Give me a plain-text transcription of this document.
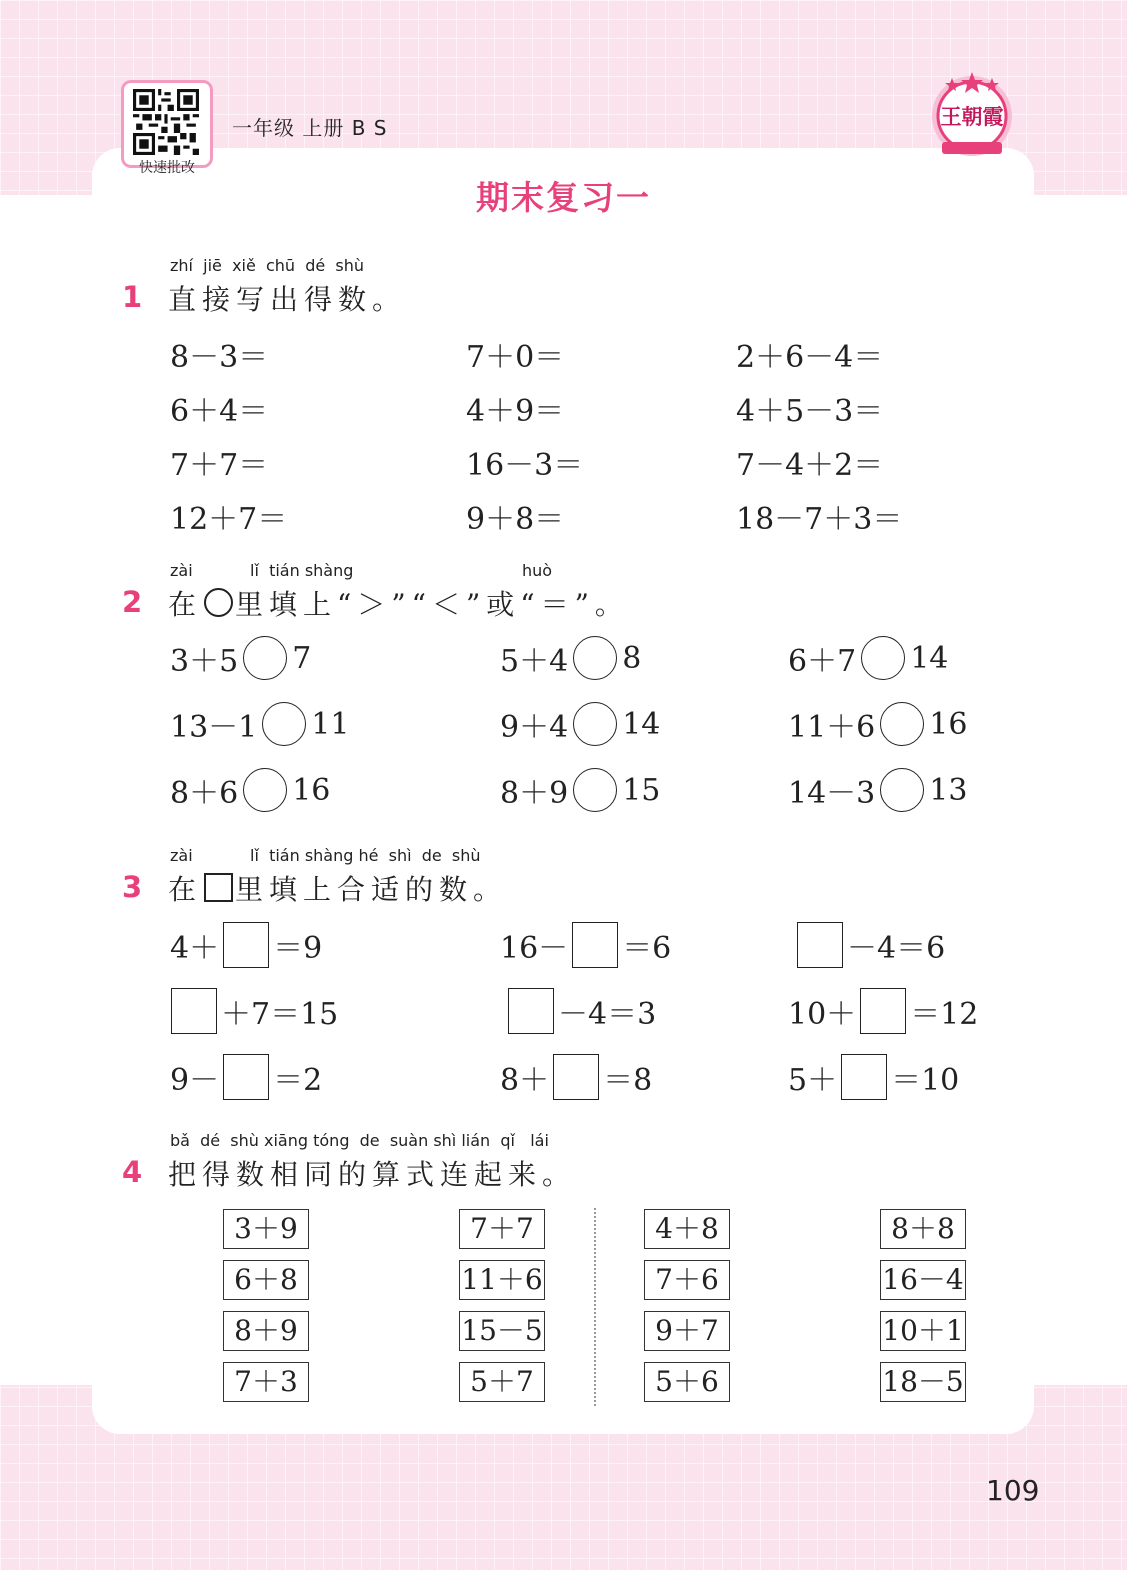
快速批改
一年级 上册 B S	王朝霞
期末复习一
zhí  jiē  xiě  chū  dé  shù
1 直接写出得数。
8－3＝	7＋0＝	2＋6－4＝
6＋4＝	4＋9＝	4＋5－3＝
7＋7＝	16－3＝	7－4＋2＝
12＋7＝	9＋8＝	18－7＋3＝
zài	lǐ  tián shàng	huò
2 在 里填上“＞”“＜”或“＝”。
3＋5 7	5＋4 8	6＋7 14
13－1 11	9＋4 14	11＋6 16
8＋6 16	8＋9 15	14－3 13
zài	lǐ  tián shàng hé  shì  de  shù
3 在 里填上合适的数。
4＋ ＝9	16－ ＝6	－4＝6
＋7＝15	－4＝3	10＋ ＝12
9－ ＝2	8＋ ＝8	5＋ ＝10
bǎ  dé  shù xiāng tóng  de  suàn shì lián  qǐ   lái
4 把得数相同的算式连起来。
3＋9
6＋8
8＋9
7＋3
7＋7
11＋6
15－5
5＋7
4＋8
7＋6
9＋7
5＋6
8＋8
16－4
10＋1
18－5
109
